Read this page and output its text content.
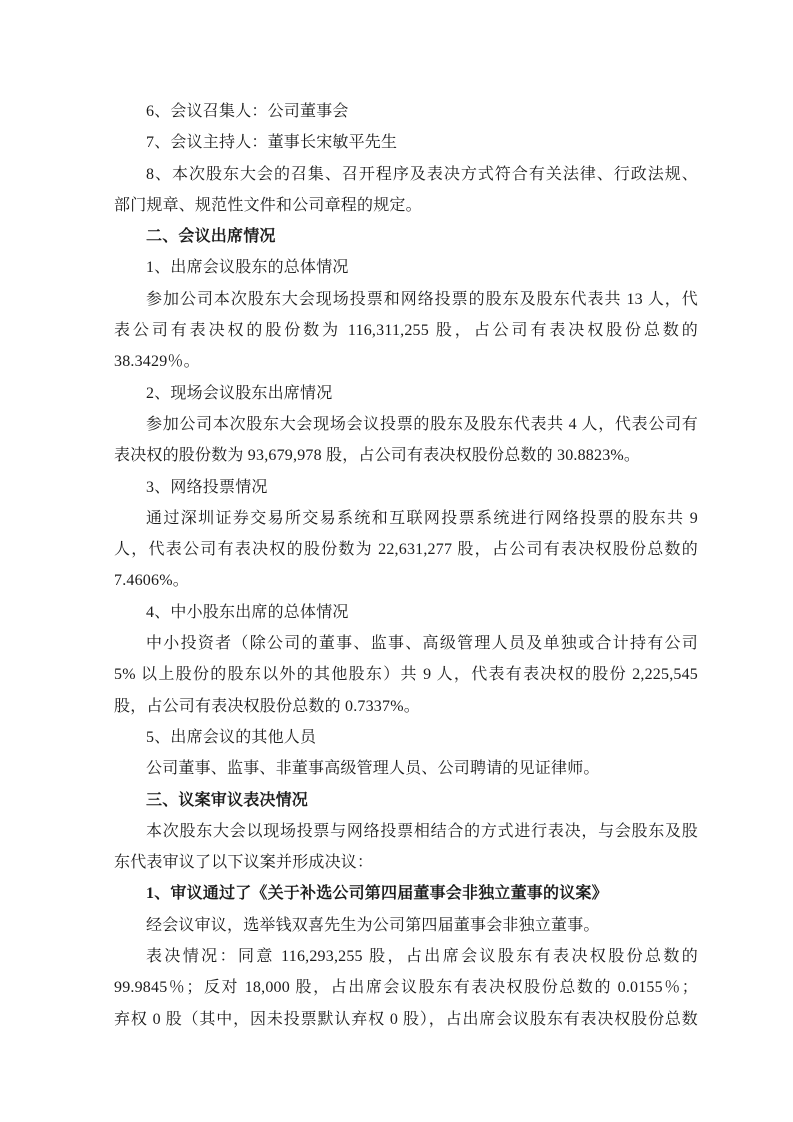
6、会议召集人：公司董事会
7、会议主持人：董事长宋敏平先生
8、本次股东大会的召集、召开程序及表决方式符合有关法律、行政法规、
部门规章、规范性文件和公司章程的规定。
二、会议出席情况
1、出席会议股东的总体情况
参加公司本次股东大会现场投票和网络投票的股东及股东代表共 13 人，代
表公司有表决权的股份数为 116,311,255 股，占公司有表决权股份总数的
38.3429％。
2、现场会议股东出席情况
参加公司本次股东大会现场会议投票的股东及股东代表共 4 人，代表公司有
表决权的股份数为 93,679,978 股，占公司有表决权股份总数的 30.8823%。
3、网络投票情况
通过深圳证券交易所交易系统和互联网投票系统进行网络投票的股东共 9
人，代表公司有表决权的股份数为 22,631,277 股，占公司有表决权股份总数的
7.4606%。
4、中小股东出席的总体情况
中小投资者（除公司的董事、监事、高级管理人员及单独或合计持有公司
5% 以上股份的股东以外的其他股东）共 9 人，代表有表决权的股份 2,225,545
股，占公司有表决权股份总数的 0.7337%。
5、出席会议的其他人员
公司董事、监事、非董事高级管理人员、公司聘请的见证律师。
三、议案审议表决情况
本次股东大会以现场投票与网络投票相结合的方式进行表决，与会股东及股
东代表审议了以下议案并形成决议：
1、审议通过了《关于补选公司第四届董事会非独立董事的议案》
经会议审议，选举钱双喜先生为公司第四届董事会非独立董事。
表决情况：同意 116,293,255 股，占出席会议股东有表决权股份总数的
99.9845％；反对 18,000 股，占出席会议股东有表决权股份总数的 0.0155％；
弃权 0 股（其中，因未投票默认弃权 0 股），占出席会议股东有表决权股份总数
